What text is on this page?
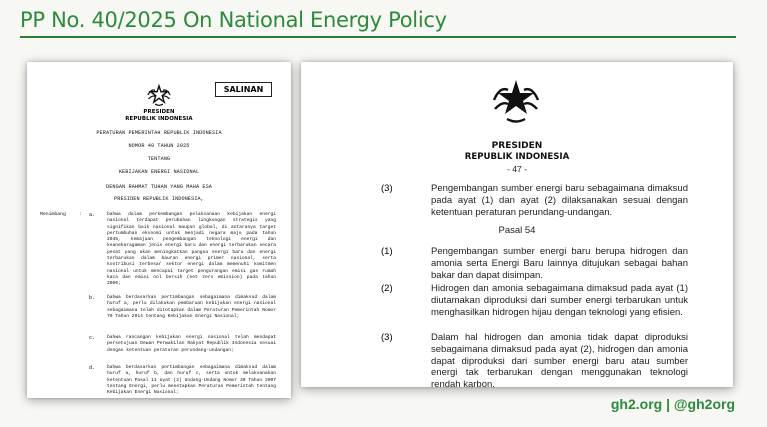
PP No. 40/2025 On National Energy Policy
SALINAN
PRESIDEN
REPUBLIK INDONESIA
PERATURAN PEMERINTAH REPUBLIK INDONESIA
NOMOR 40 TAHUN 2025
TENTANG
KEBIJAKAN ENERGI NASIONAL
DENGAN RAHMAT TUHAN YANG MAHA ESA
PRESIDEN REPUBLIK INDONESIA,
Menimbang	: a.	bahwa dalam perkembangan pelaksanaan kebijakan energi nasional terdapat perubahan lingkungan strategis yang signifikan baik nasional maupun global, di antaranya target pertumbuhan ekonomi untuk menjadi negara maju pada tahun 2045, kemajuan pengembangan teknologi energi dan keanekaragaman jenis energi baru dan energi terbarukan secara pesat yang akan meningkatkan pangsa energi baru dan energi terbarukan dalam bauran energi primer nasional, serta kontribusi terbesar sektor energi dalam memenuhi komitmen nasional untuk mencapai target pengurangan emisi gas rumah kaca dan emisi nol bersih (net zero emission) pada tahun 2060;
b.	bahwa berdasarkan pertimbangan sebagaimana dimaksud dalam huruf a, perlu dilakukan pembaruan kebijakan energi nasional sebagaimana telah ditetapkan dalam Peraturan Pemerintah Nomor 79 Tahun 2014 tentang Kebijakan Energi Nasional;
c.	bahwa rancangan kebijakan energi nasional telah mendapat persetujuan Dewan Perwakilan Rakyat Republik Indonesia sesuai dengan ketentuan peraturan perundang-undangan;
d.	bahwa berdasarkan pertimbangan sebagaimana dimaksud dalam huruf a, huruf b, dan huruf c, serta untuk melaksanakan ketentuan Pasal 11 ayat (2) Undang-Undang Nomor 30 Tahun 2007 tentang Energi, perlu menetapkan Peraturan Pemerintah tentang Kebijakan Energi Nasional;
PRESIDEN
REPUBLIK INDONESIA
- 47 -
(3)	Pengembangan sumber energi baru sebagaimana dimaksud pada ayat (1) dan ayat (2) dilaksanakan sesuai dengan ketentuan peraturan perundang-undangan.
Pasal 54
(1)	Pengembangan sumber energi baru berupa hidrogen dan amonia serta Energi Baru lainnya ditujukan sebagai bahan bakar dan dapat disimpan.
(2)	Hidrogen dan amonia sebagaimana dimaksud pada ayat (1) diutamakan diproduksi dari sumber energi terbarukan untuk menghasilkan hidrogen hijau dengan teknologi yang efisien.
(3)	Dalam hal hidrogen dan amonia tidak dapat diproduksi sebagaimana dimaksud pada ayat (2), hidrogen dan amonia dapat diproduksi dari sumber energi baru atau sumber energi tak terbarukan dengan menggunakan teknologi rendah karbon.
gh2.org | @gh2org
